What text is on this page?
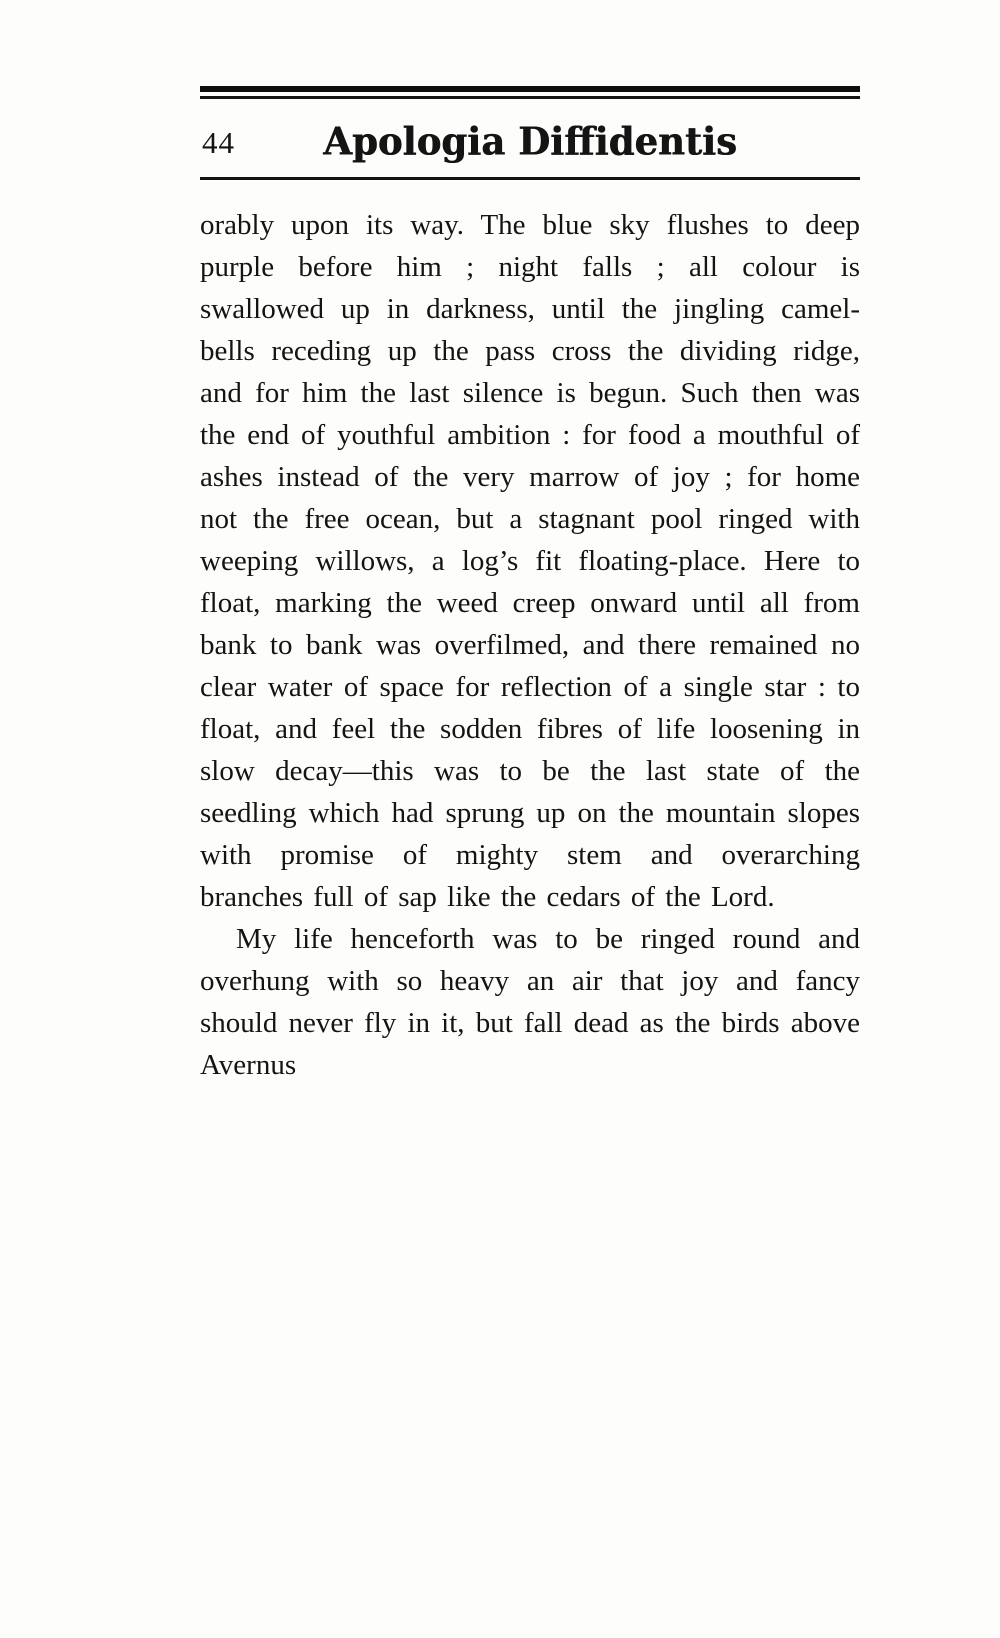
44	Apologia Diffidentis

orably upon its way. The blue sky flushes to deep purple before him ; night falls ; all colour is swallowed up in darkness, until the jingling camel-bells receding up the pass cross the dividing ridge, and for him the last silence is begun. Such then was the end of youthful ambition : for food a mouthful of ashes instead of the very marrow of joy ; for home not the free ocean, but a stagnant pool ringed with weeping willows, a log’s fit floating-place. Here to float, marking the weed creep onward until all from bank to bank was overfilmed, and there remained no clear water of space for reflection of a single star : to float, and feel the sodden fibres of life loosening in slow decay—this was to be the last state of the seedling which had sprung up on the mountain slopes with promise of mighty stem and overarching branches full of sap like the cedars of the Lord.

My life henceforth was to be ringed round and overhung with so heavy an air that joy and fancy should never fly in it, but fall dead as the birds above Avernus
